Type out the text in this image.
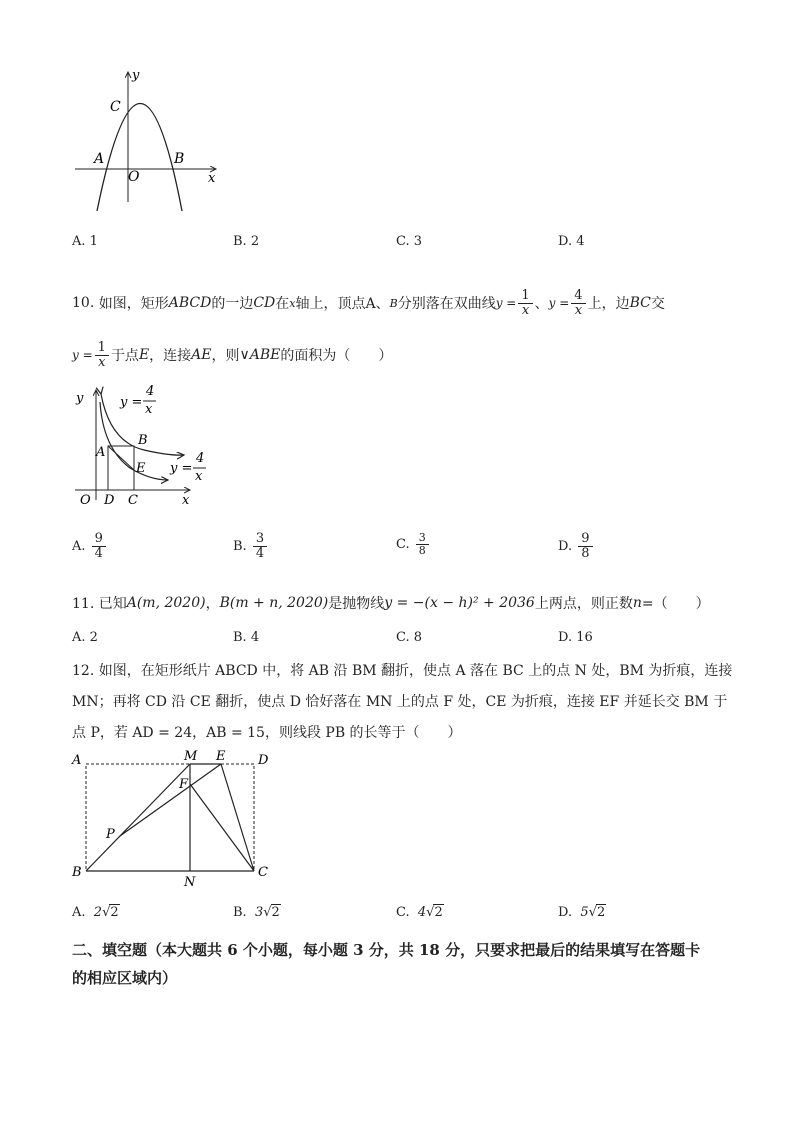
y
x
C
A	B
O
A. 1	B. 2	C. 3	D. 4
10.
如图，矩形 ABCD 的一边 CD 在 x 轴上，顶点A、 B 分别落在双曲线 $y = \frac{1}{x}$ 、 $y = \frac{4}{x}$ 上，边 BC 交
$y = \frac{1}{x}$ 于点 E ，连接 AE ，则 ∨ABE 的面积为（　　）
y
x
O D C
A
B
E
y =
4
x
y =
4
x
A.
$\frac{9}{4}$	B.
$\frac{3}{4}$	C.
$\frac{3}{8}$	D.
$\frac{9}{8}$
11. 已知 A(m, 2020) ， B(m + n, 2020) 是抛物线 y = −(x − h)² + 2036 上两点，则正数 n =（　　）
A. 2	B. 4	C. 8	D. 16
12. 如图，在矩形纸片 ABCD 中，将 AB 沿 BM 翻折，使点 A 落在 BC 上的点 N 处，BM 为折痕，连接
MN；再将 CD 沿 CE 翻折，使点 D 恰好落在 MN 上的点 F 处，CE 为折痕，连接 EF 并延长交 BM 于
点 P，若 AD = 24，AB = 15，则线段 PB 的长等于（　　）
A	M E	D
F
P
B
N
C
A. 2√2	B. 3√2	C. 4√2	D. 5√2
二、填空题（本大题共 6 个小题，每小题 3 分，共 18 分，只要求把最后的结果填写在答题卡的相应区域内）
